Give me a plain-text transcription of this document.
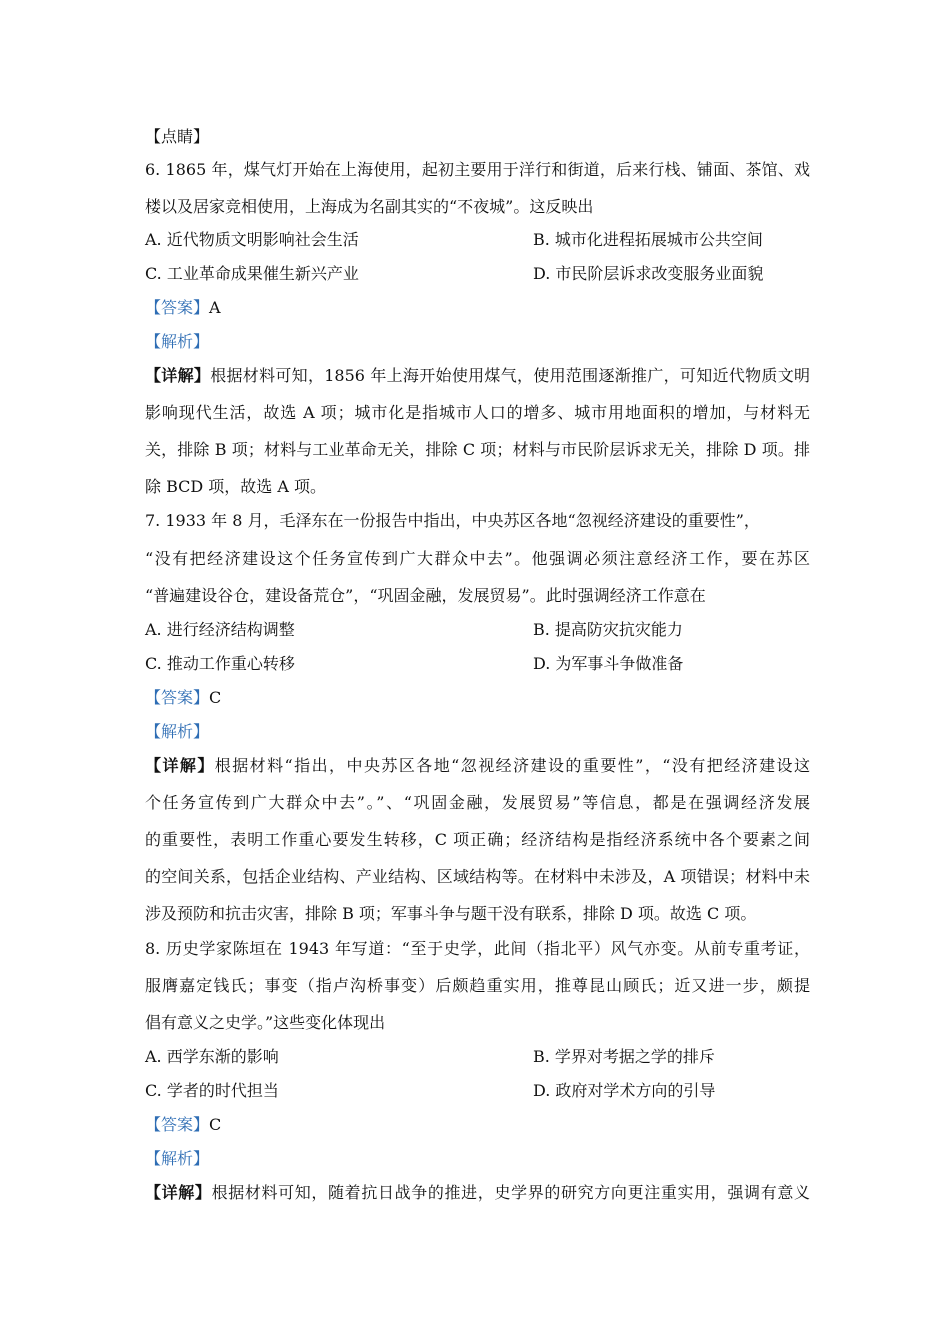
【点睛】
6. 1865 年，煤气灯开始在上海使用，起初主要用于洋行和街道，后来行栈、铺面、茶馆、戏
楼以及居家竞相使用，上海成为名副其实的“不夜城”。这反映出
A. 近代物质文明影响社会生活	B. 城市化进程拓展城市公共空间
C. 工业革命成果催生新兴产业	D. 市民阶层诉求改变服务业面貌
【答案】A
【解析】
【详解】根据材料可知，1856 年上海开始使用煤气，使用范围逐渐推广，可知近代物质文明
影响现代生活，故选 A 项；城市化是指城市人口的增多、城市用地面积的增加，与材料无
关，排除 B 项；材料与工业革命无关，排除 C 项；材料与市民阶层诉求无关，排除 D 项。排
除 BCD 项，故选 A 项。
7. 1933 年 8 月，毛泽东在一份报告中指出，中央苏区各地“忽视经济建设的重要性”，
“没有把经济建设这个任务宣传到广大群众中去”。他强调必须注意经济工作，要在苏区
“普遍建设谷仓，建设备荒仓”，“巩固金融，发展贸易”。此时强调经济工作意在
A. 进行经济结构调整	B. 提高防灾抗灾能力
C. 推动工作重心转移	D. 为军事斗争做准备
【答案】C
【解析】
【详解】根据材料“指出，中央苏区各地“忽视经济建设的重要性”，“没有把经济建设这
个任务宣传到广大群众中去”。”、“巩固金融，发展贸易”等信息，都是在强调经济发展
的重要性，表明工作重心要发生转移，C 项正确；经济结构是指经济系统中各个要素之间
的空间关系，包括企业结构、产业结构、区域结构等。在材料中未涉及，A 项错误；材料中未
涉及预防和抗击灾害，排除 B 项；军事斗争与题干没有联系，排除 D 项。故选 C 项。
8. 历史学家陈垣在 1943 年写道：“至于史学，此间（指北平）风气亦变。从前专重考证，
服膺嘉定钱氏；事变（指卢沟桥事变）后颇趋重实用，推尊昆山顾氏；近又进一步，颇提
倡有意义之史学。”这些变化体现出
A. 西学东渐的影响	B. 学界对考据之学的排斥
C. 学者的时代担当	D. 政府对学术方向的引导
【答案】C
【解析】
【详解】根据材料可知，随着抗日战争的推进，史学界的研究方向更注重实用，强调有意义
